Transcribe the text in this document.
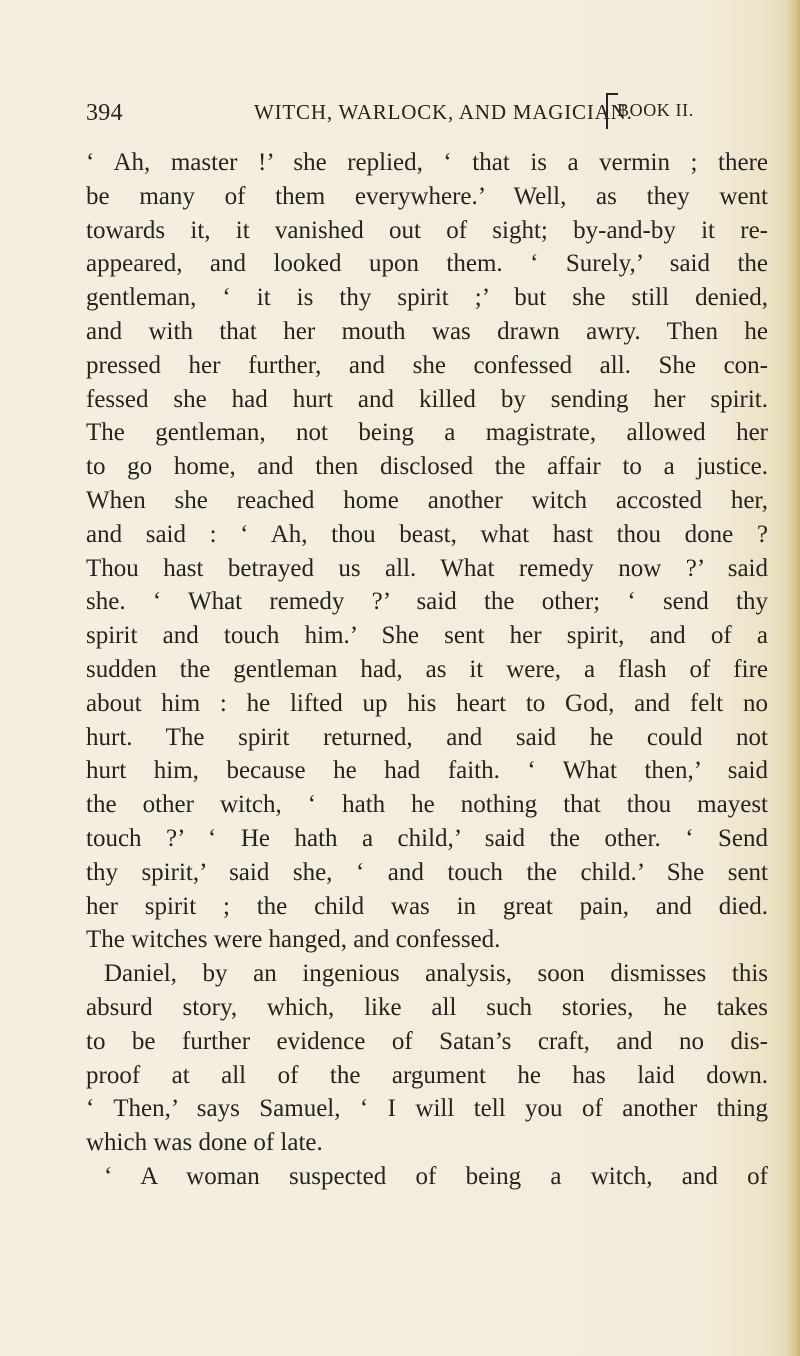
394	WITCH, WARLOCK, AND MAGICIAN.
BOOK II.
‘ Ah, master !’ she replied, ‘ that is a vermin ; there
be many of them everywhere.’ Well, as they went
towards it, it vanished out of sight; by-and-by it re-
appeared, and looked upon them. ‘ Surely,’ said the
gentleman, ‘ it is thy spirit ;’ but she still denied,
and with that her mouth was drawn awry. Then he
pressed her further, and she confessed all. She con-
fessed she had hurt and killed by sending her spirit.
The gentleman, not being a magistrate, allowed her
to go home, and then disclosed the affair to a justice.
When she reached home another witch accosted her,
and said : ‘ Ah, thou beast, what hast thou done ?
Thou hast betrayed us all. What remedy now ?’ said
she. ‘ What remedy ?’ said the other; ‘ send thy
spirit and touch him.’ She sent her spirit, and of a
sudden the gentleman had, as it were, a flash of fire
about him : he lifted up his heart to God, and felt no
hurt. The spirit returned, and said he could not
hurt him, because he had faith. ‘ What then,’ said
the other witch, ‘ hath he nothing that thou mayest
touch ?’ ‘ He hath a child,’ said the other. ‘ Send
thy spirit,’ said she, ‘ and touch the child.’ She sent
her spirit ; the child was in great pain, and died.
The witches were hanged, and confessed.
Daniel, by an ingenious analysis, soon dismisses this
absurd story, which, like all such stories, he takes
to be further evidence of Satan’s craft, and no dis-
proof at all of the argument he has laid down.
‘ Then,’ says Samuel, ‘ I will tell you of another thing
which was done of late.
‘ A woman suspected of being a witch, and of
